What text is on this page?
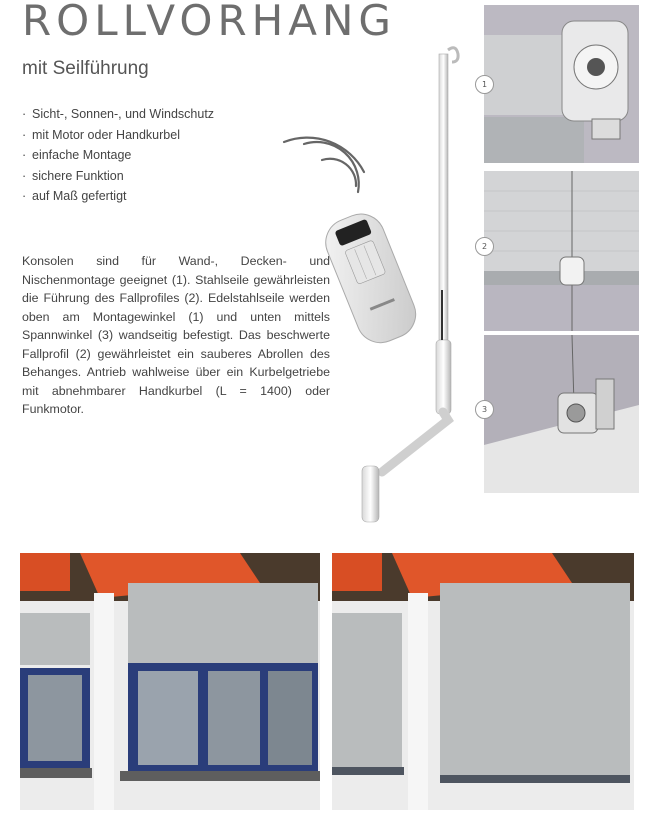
ROLLVORHANG
mit Seilführung
· Sicht-, Sonnen-, und Windschutz
· mit Motor oder Handkurbel
· einfache Montage
· sichere Funktion
· auf Maß gefertigt

Konsolen sind für Wand-, Decken- und Nischenmontage geeignet (1). Stahlseile gewährleisten die Führung des Fallprofiles (2). Edelstahlseile werden oben am Montagewinkel (1) und unten mittels Spannwinkel (3) wandseitig befestigt. Das beschwerte Fallprofil (2) gewährleistet ein sauberes Abrollen des Behanges. Antrieb wahlweise über ein Kurbelgetriebe mit abnehmbarer Handkurbel (L = 1400) oder Funkmotor.

1
2
3
